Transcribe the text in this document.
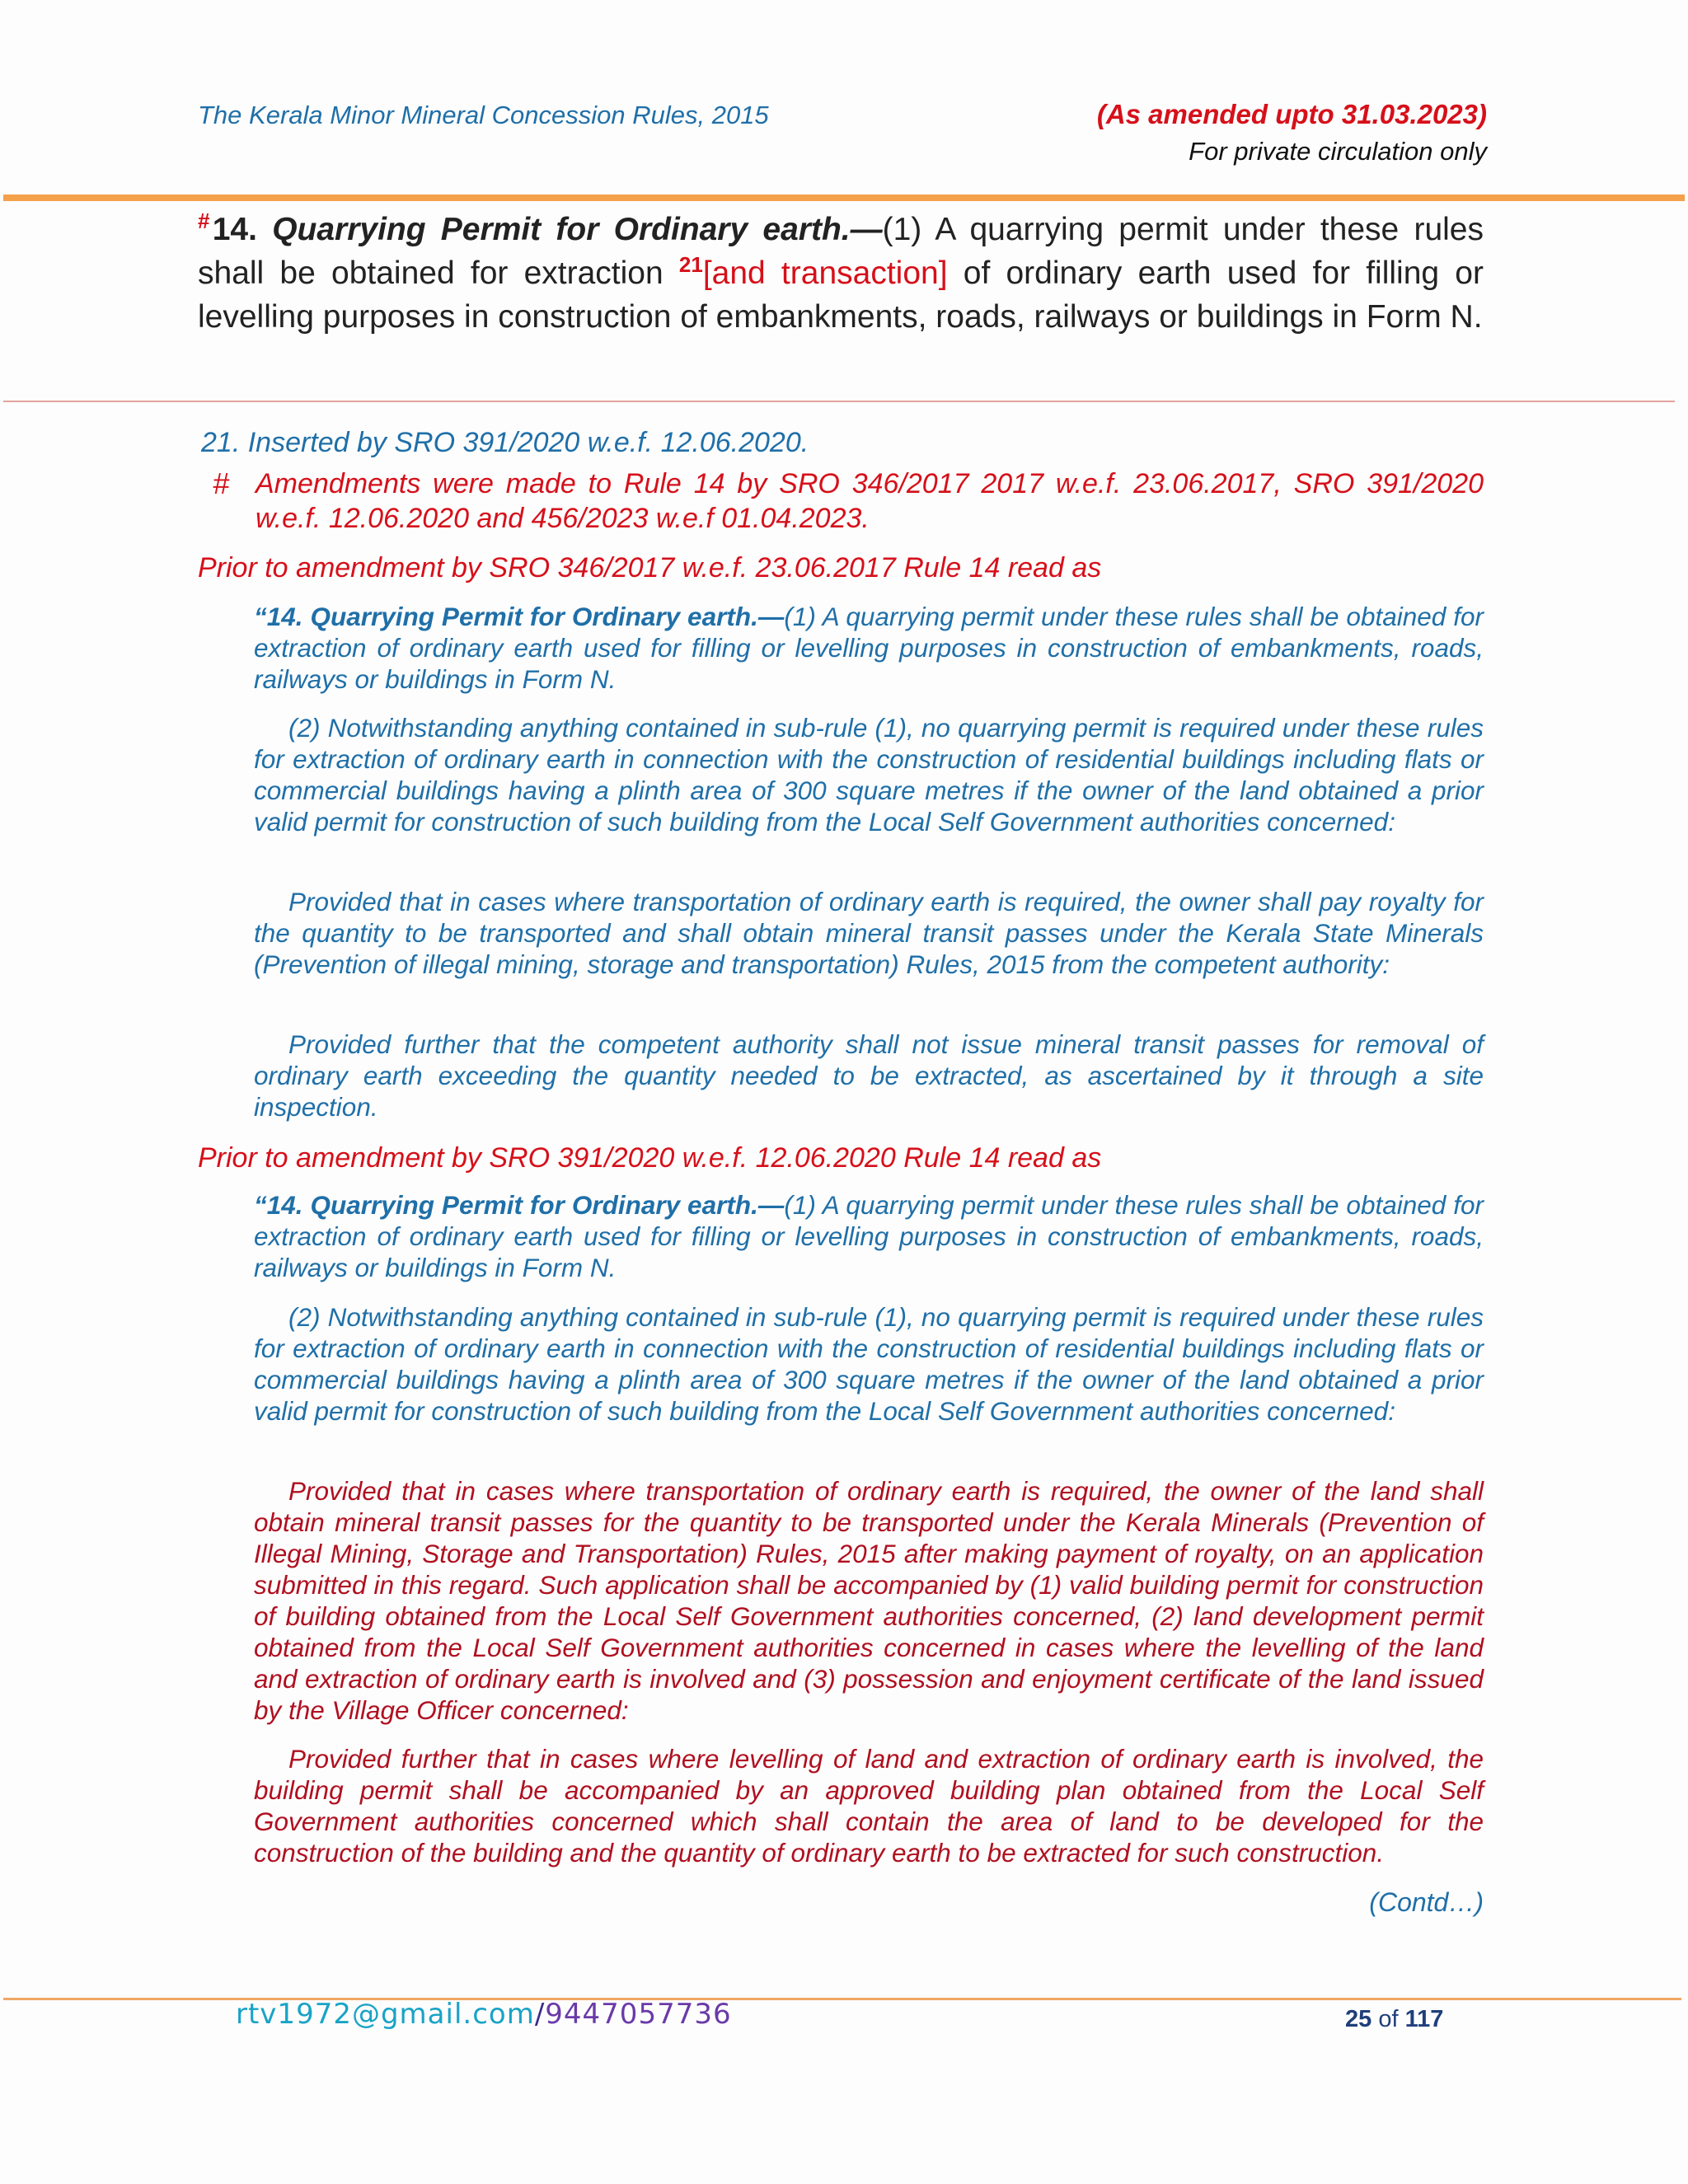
The Kerala Minor Mineral Concession Rules, 2015	(As amended upto 31.03.2023)
For private circulation only
# 14. Quarrying Permit for Ordinary earth.—(1) A quarrying permit under these rules shall be obtained for extraction $^{21}$[and transaction] of ordinary earth used for filling or levelling purposes in construction of embankments, roads, railways or buildings in Form N.
21. Inserted by SRO 391/2020 w.e.f. 12.06.2020.
# Amendments were made to Rule 14 by SRO 346/2017 2017 w.e.f. 23.06.2017, SRO 391/2020 w.e.f. 12.06.2020 and 456/2023 w.e.f 01.04.2023.
Prior to amendment by SRO 346/2017 w.e.f. 23.06.2017 Rule 14 read as
“14. Quarrying Permit for Ordinary earth.—(1) A quarrying permit under these rules shall be obtained for extraction of ordinary earth used for filling or levelling purposes in construction of embankments, roads, railways or buildings in Form N.
(2) Notwithstanding anything contained in sub-rule (1), no quarrying permit is required under these rules for extraction of ordinary earth in connection with the construction of residential buildings including flats or commercial buildings having a plinth area of 300 square metres if the owner of the land obtained a prior valid permit for construction of such building from the Local Self Government authorities concerned:
Provided that in cases where transportation of ordinary earth is required, the owner shall pay royalty for the quantity to be transported and shall obtain mineral transit passes under the Kerala State Minerals (Prevention of illegal mining, storage and transportation) Rules, 2015 from the competent authority:
Provided further that the competent authority shall not issue mineral transit passes for removal of ordinary earth exceeding the quantity needed to be extracted, as ascertained by it through a site inspection.
Prior to amendment by SRO 391/2020 w.e.f. 12.06.2020 Rule 14 read as
“14. Quarrying Permit for Ordinary earth.—(1) A quarrying permit under these rules shall be obtained for extraction of ordinary earth used for filling or levelling purposes in construction of embankments, roads, railways or buildings in Form N.
(2) Notwithstanding anything contained in sub-rule (1), no quarrying permit is required under these rules for extraction of ordinary earth in connection with the construction of residential buildings including flats or commercial buildings having a plinth area of 300 square metres if the owner of the land obtained a prior valid permit for construction of such building from the Local Self Government authorities concerned:
Provided that in cases where transportation of ordinary earth is required, the owner of the land shall obtain mineral transit passes for the quantity to be transported under the Kerala Minerals (Prevention of Illegal Mining, Storage and Transportation) Rules, 2015 after making payment of royalty, on an application submitted in this regard. Such application shall be accompanied by (1) valid building permit for construction of building obtained from the Local Self Government authorities concerned, (2) land development permit obtained from the Local Self Government authorities concerned in cases where the levelling of the land and extraction of ordinary earth is involved and (3) possession and enjoyment certificate of the land issued by the Village Officer concerned:
Provided further that in cases where levelling of land and extraction of ordinary earth is involved, the building permit shall be accompanied by an approved building plan obtained from the Local Self Government authorities concerned which shall contain the area of land to be developed for the construction of the building and the quantity of ordinary earth to be extracted for such construction.
(Contd…)
rtv1972@gmail.com/9447057736	25 of 117
